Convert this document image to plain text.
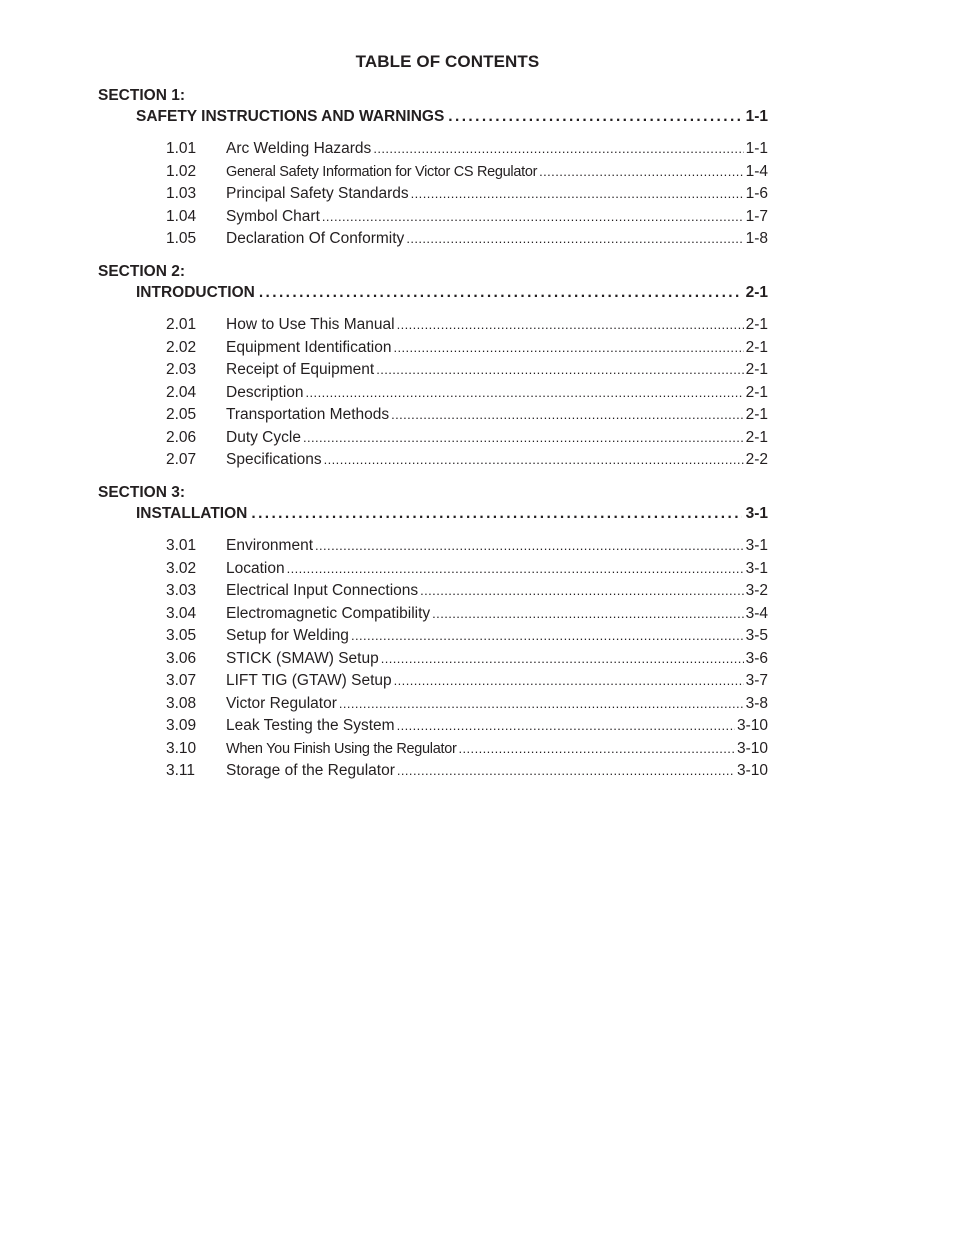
TABLE OF CONTENTS
SECTION 1:
SAFETY INSTRUCTIONS AND WARNINGS .....	1-1
1.01	Arc Welding Hazards .....	1-1
1.02	General Safety Information for Victor CS Regulator .....	1-4
1.03	Principal Safety Standards .....	1-6
1.04	Symbol Chart .....	1-7
1.05	Declaration Of Conformity .....	1-8
SECTION 2:
INTRODUCTION .....	2-1
2.01	How to Use This Manual .....	2-1
2.02	Equipment Identification .....	2-1
2.03	Receipt of Equipment .....	2-1
2.04	Description .....	2-1
2.05	Transportation Methods .....	2-1
2.06	Duty Cycle .....	2-1
2.07	Specifications .....	2-2
SECTION 3:
INSTALLATION .....	3-1
3.01	Environment .....	3-1
3.02	Location .....	3-1
3.03	Electrical Input Connections .....	3-2
3.04	Electromagnetic Compatibility .....	3-4
3.05	Setup for Welding .....	3-5
3.06	STICK (SMAW) Setup .....	3-6
3.07	LIFT TIG (GTAW) Setup .....	3-7
3.08	Victor Regulator .....	3-8
3.09	Leak Testing the System .....	3-10
3.10	When You Finish Using the Regulator .....	3-10
3.11	Storage of the Regulator .....	3-10
